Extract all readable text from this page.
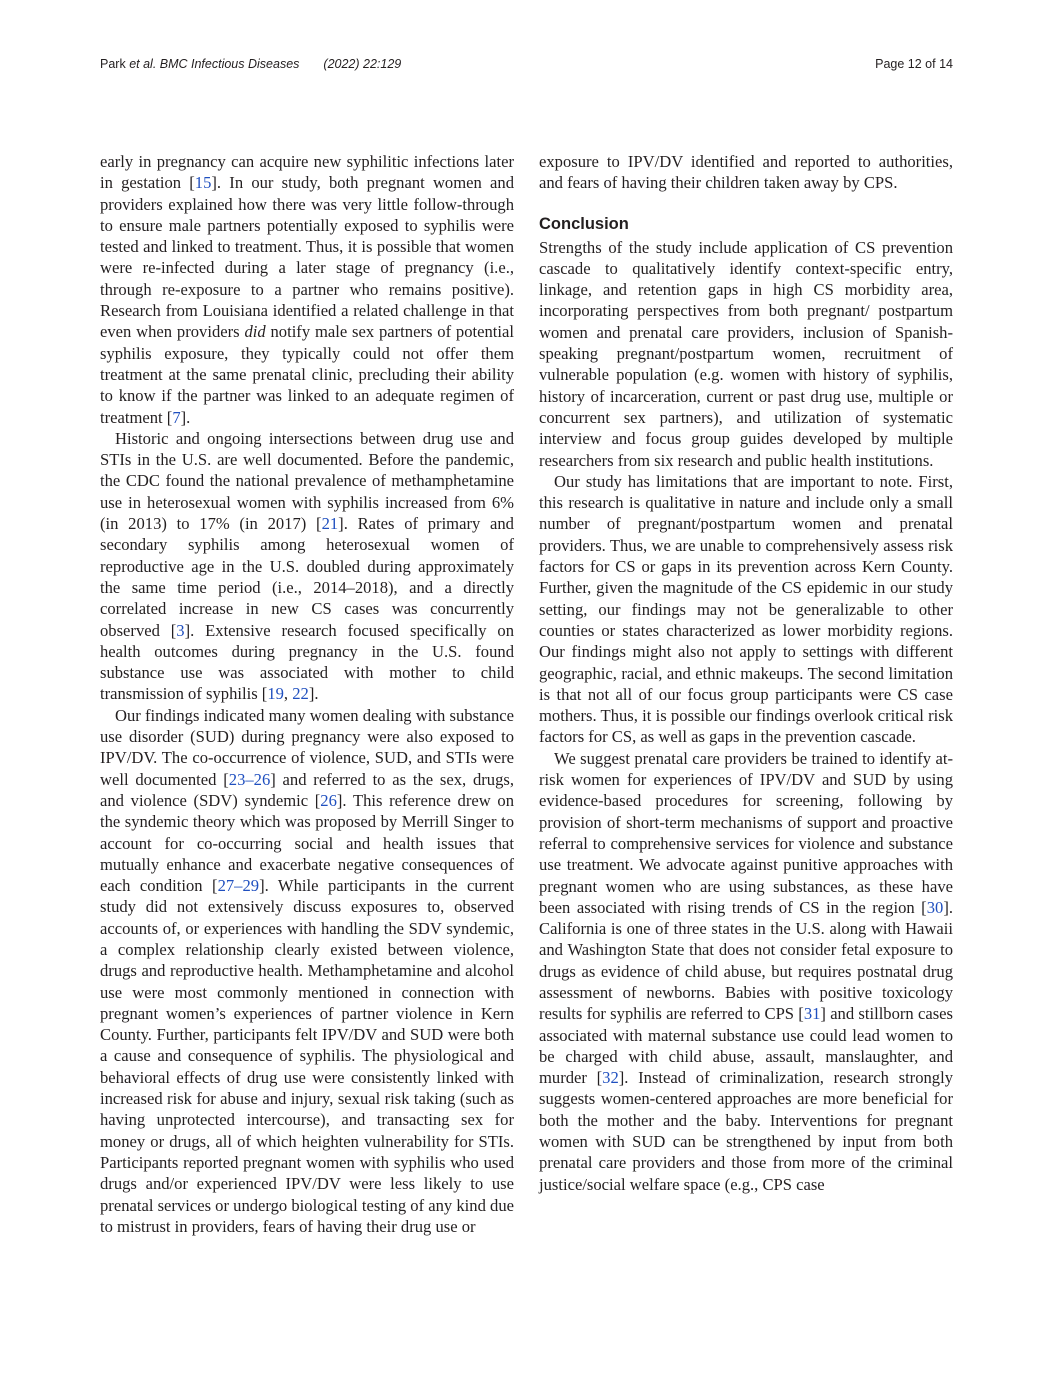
Park et al. BMC Infectious Diseases (2022) 22:129	Page 12 of 14

early in pregnancy can acquire new syphilitic infections later in gestation [15]. In our study, both pregnant women and providers explained how there was very little follow-through to ensure male partners potentially exposed to syphilis were tested and linked to treatment. Thus, it is possible that women were re-infected during a later stage of pregnancy (i.e., through re-exposure to a partner who remains positive). Research from Louisiana identified a related challenge in that even when providers did notify male sex partners of potential syphilis exposure, they typically could not offer them treatment at the same prenatal clinic, precluding their ability to know if the partner was linked to an adequate regimen of treatment [7].

Historic and ongoing intersections between drug use and STIs in the U.S. are well documented. Before the pandemic, the CDC found the national prevalence of methamphetamine use in heterosexual women with syphilis increased from 6% (in 2013) to 17% (in 2017) [21]. Rates of primary and secondary syphilis among heterosexual women of reproductive age in the U.S. doubled during approximately the same time period (i.e., 2014–2018), and a directly correlated increase in new CS cases was concurrently observed [3]. Extensive research focused specifically on health outcomes during pregnancy in the U.S. found substance use was associated with mother to child transmission of syphilis [19, 22].

Our findings indicated many women dealing with substance use disorder (SUD) during pregnancy were also exposed to IPV/DV. The co-occurrence of violence, SUD, and STIs were well documented [23–26] and referred to as the sex, drugs, and violence (SDV) syndemic [26]. This reference drew on the syndemic theory which was proposed by Merrill Singer to account for co-occurring social and health issues that mutually enhance and exacerbate negative consequences of each condition [27–29]. While participants in the current study did not extensively discuss exposures to, observed accounts of, or experiences with handling the SDV syndemic, a complex relationship clearly existed between violence, drugs and reproductive health. Methamphetamine and alcohol use were most commonly mentioned in connection with pregnant women’s experiences of partner violence in Kern County. Further, participants felt IPV/DV and SUD were both a cause and consequence of syphilis. The physiological and behavioral effects of drug use were consistently linked with increased risk for abuse and injury, sexual risk taking (such as having unprotected intercourse), and transacting sex for money or drugs, all of which heighten vulnerability for STIs. Participants reported pregnant women with syphilis who used drugs and/or experienced IPV/DV were less likely to use prenatal services or undergo biological testing of any kind due to mistrust in providers, fears of having their drug use or

exposure to IPV/DV identified and reported to authorities, and fears of having their children taken away by CPS.

Conclusion

Strengths of the study include application of CS prevention cascade to qualitatively identify context-specific entry, linkage, and retention gaps in high CS morbidity area, incorporating perspectives from both pregnant/ postpartum women and prenatal care providers, inclusion of Spanish-speaking pregnant/postpartum women, recruitment of vulnerable population (e.g. women with history of syphilis, history of incarceration, current or past drug use, multiple or concurrent sex partners), and utilization of systematic interview and focus group guides developed by multiple researchers from six research and public health institutions.

Our study has limitations that are important to note. First, this research is qualitative in nature and include only a small number of pregnant/postpartum women and prenatal providers. Thus, we are unable to comprehensively assess risk factors for CS or gaps in its prevention across Kern County. Further, given the magnitude of the CS epidemic in our study setting, our findings may not be generalizable to other counties or states characterized as lower morbidity regions. Our findings might also not apply to settings with different geographic, racial, and ethnic makeups. The second limitation is that not all of our focus group participants were CS case mothers. Thus, it is possible our findings overlook critical risk factors for CS, as well as gaps in the prevention cascade.

We suggest prenatal care providers be trained to identify at-risk women for experiences of IPV/DV and SUD by using evidence-based procedures for screening, following by provision of short-term mechanisms of support and proactive referral to comprehensive services for violence and substance use treatment. We advocate against punitive approaches with pregnant women who are using substances, as these have been associated with rising trends of CS in the region [30]. California is one of three states in the U.S. along with Hawaii and Washington State that does not consider fetal exposure to drugs as evidence of child abuse, but requires postnatal drug assessment of newborns. Babies with positive toxicology results for syphilis are referred to CPS [31] and stillborn cases associated with maternal substance use could lead women to be charged with child abuse, assault, manslaughter, and murder [32]. Instead of criminalization, research strongly suggests women-centered approaches are more beneficial for both the mother and the baby. Interventions for pregnant women with SUD can be strengthened by input from both prenatal care providers and those from more of the criminal justice/social welfare space (e.g., CPS case
